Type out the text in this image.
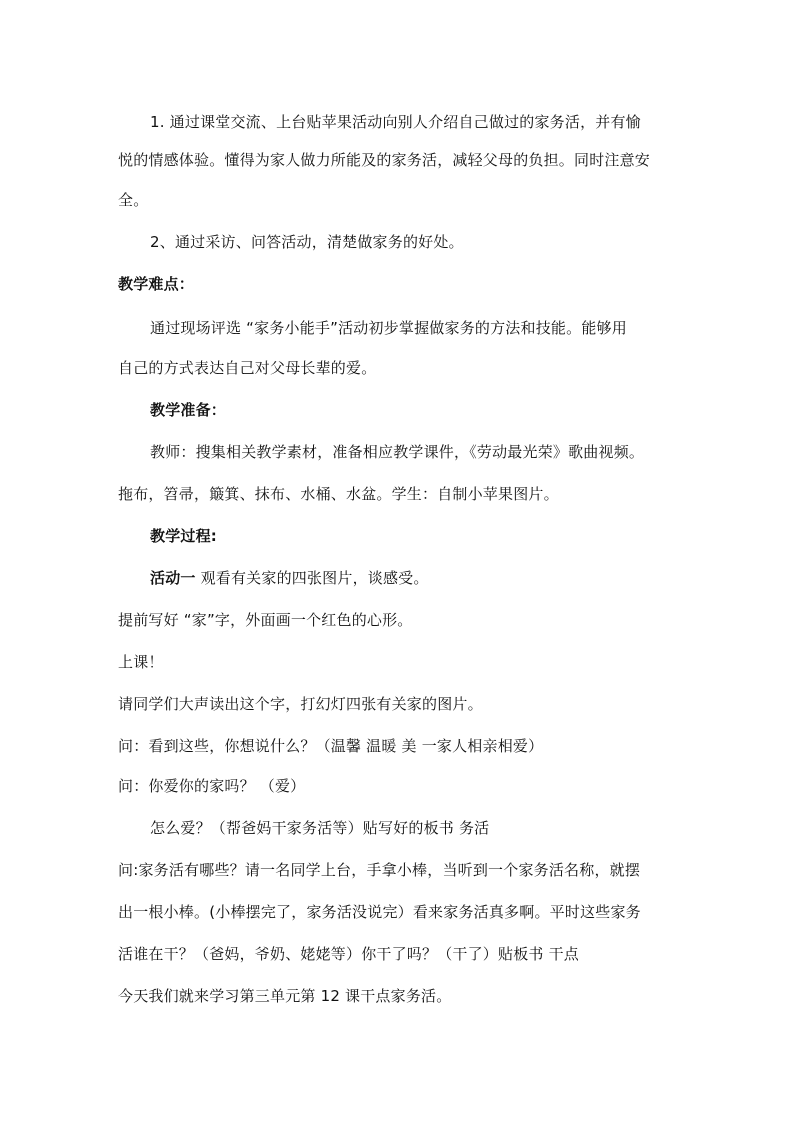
1. 通过课堂交流、上台贴苹果活动向别人介绍自己做过的家务活，并有愉
悦的情感体验。懂得为家人做力所能及的家务活，减轻父母的负担。同时注意安
全。
2、通过采访、问答活动，清楚做家务的好处。
教学难点：
通过现场评选 “家务小能手”活动初步掌握做家务的方法和技能。能够用
自己的方式表达自己对父母长辈的爱。
教学准备：
教师：搜集相关教学素材，准备相应教学课件，《劳动最光荣》歌曲视频。
拖布，笤帚，簸箕、抹布、水桶、水盆。学生：自制小苹果图片。
教学过程:
活动一 观看有关家的四张图片，谈感受。
提前写好 “家”字，外面画一个红色的心形。
上课！
请同学们大声读出这个字，打幻灯四张有关家的图片。
问：看到这些，你想说什么？（温馨 温暖 美 一家人相亲相爱）
问：你爱你的家吗？ （爱）
怎么爱？（帮爸妈干家务活等）贴写好的板书 务活
问:家务活有哪些？请一名同学上台，手拿小棒，当听到一个家务活名称，就摆
出一根小棒。(小棒摆完了，家务活没说完）看来家务活真多啊。平时这些家务
活谁在干？（爸妈，爷奶、姥姥等）你干了吗？（干了）贴板书 干点
今天我们就来学习第三单元第 12 课干点家务活。
